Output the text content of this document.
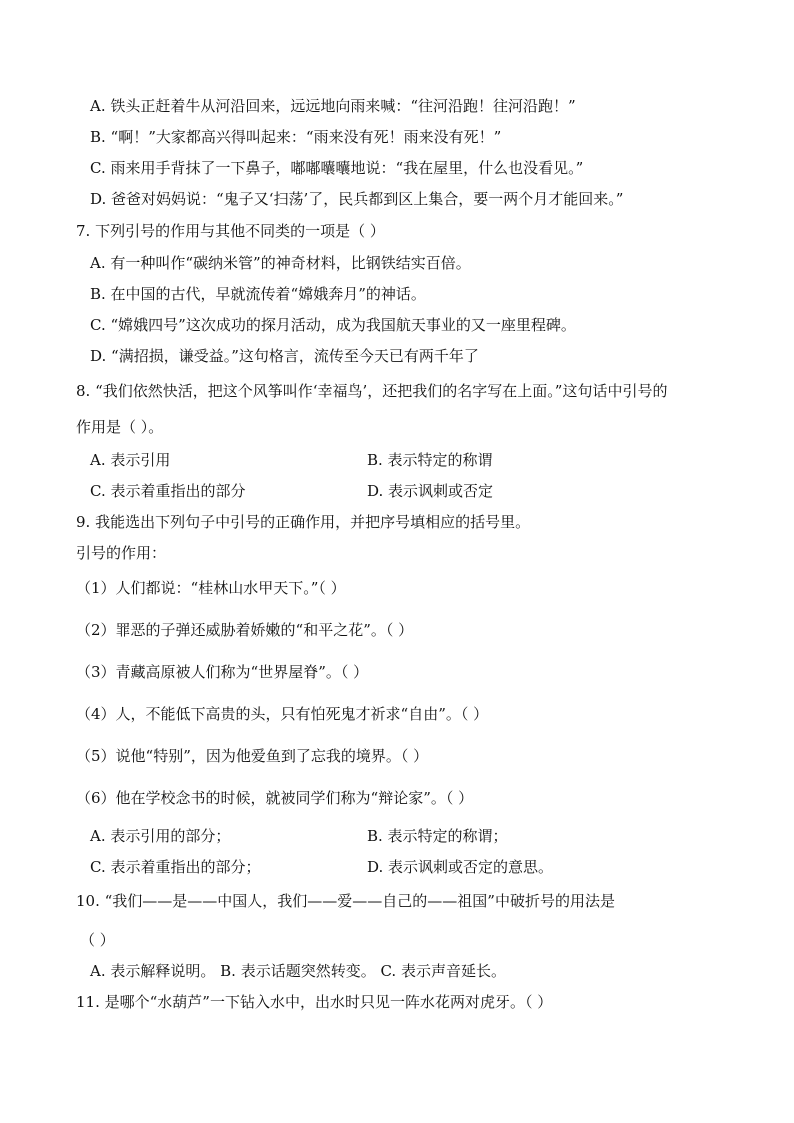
A. 铁头正赶着牛从河沿回来，远远地向雨来喊：“往河沿跑！往河沿跑！”
B. “啊！”大家都高兴得叫起来：“雨来没有死！雨来没有死！”
C. 雨来用手背抹了一下鼻子，嘟嘟囔囔地说：“我在屋里，什么也没看见。”
D. 爸爸对妈妈说：“鬼子又‘扫荡’了，民兵都到区上集合，要一两个月才能回来。”
7. 下列引号的作用与其他不同类的一项是（ ）
A. 有一种叫作“碳纳米管”的神奇材料，比钢铁结实百倍。
B. 在中国的古代，早就流传着“嫦娥奔月”的神话。
C. “嫦娥四号”这次成功的探月活动，成为我国航天事业的又一座里程碑。
D. “满招损，谦受益。”这句格言，流传至今天已有两千年了
8. “我们依然快活，把这个风筝叫作‘幸福鸟’，还把我们的名字写在上面。”这句话中引号的
作用是（ ）。
A. 表示引用	B. 表示特定的称谓
C. 表示着重指出的部分	D. 表示讽刺或否定
9. 我能选出下列句子中引号的正确作用，并把序号填相应的括号里。
引号的作用：
（1）人们都说：“桂林山水甲天下。”（ ）
（2）罪恶的子弹还威胁着娇嫩的“和平之花”。（ ）
（3）青藏高原被人们称为“世界屋脊”。（ ）
（4）人，不能低下高贵的头，只有怕死鬼才祈求“自由”。（ ）
（5）说他“特别”，因为他爱鱼到了忘我的境界。（ ）
（6）他在学校念书的时候，就被同学们称为“辩论家”。（ ）
A. 表示引用的部分；	B. 表示特定的称谓；
C. 表示着重指出的部分；	D. 表示讽刺或否定的意思。
10. “我们——是——中国人，我们——爱——自己的——祖国”中破折号的用法是
（ ）
A. 表示解释说明。 B. 表示话题突然转变。 C. 表示声音延长。
11. 是哪个“水葫芦”一下钻入水中，出水时只见一阵水花两对虎牙。（ ）
